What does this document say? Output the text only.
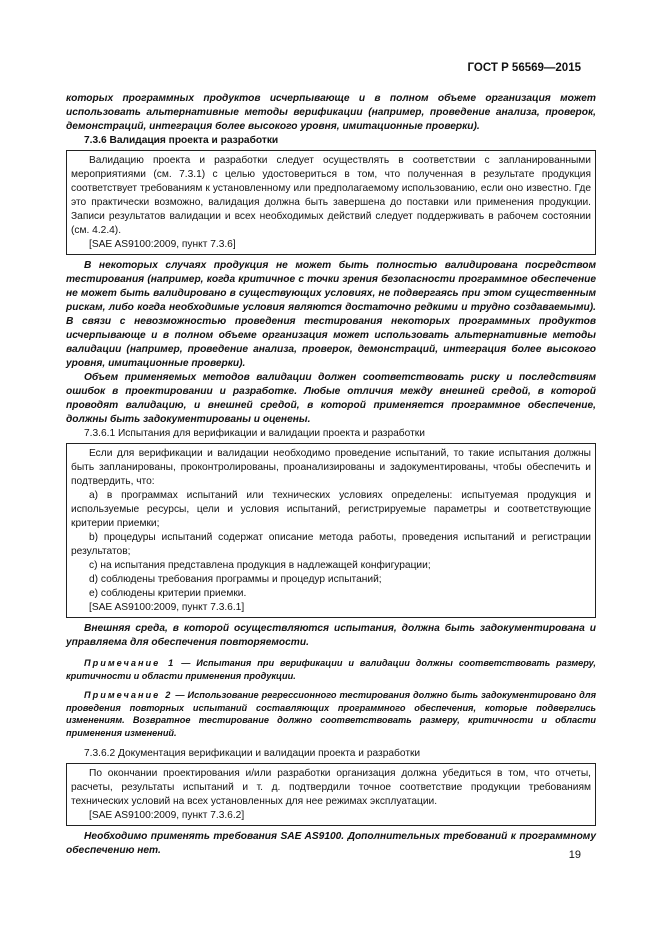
ГОСТ Р 56569—2015

которых программных продуктов исчерпывающе и в полном объеме организация может использовать альтернативные методы верификации (например, проведение анализа, проверок, демонстраций, интеграция более высокого уровня, имитационные проверки).

7.3.6 Валидация проекта и разработки

Валидацию проекта и разработки следует осуществлять в соответствии с запланированными мероприятиями (см. 7.3.1) с целью удостовериться в том, что полученная в результате продукция соответствует требованиям к установленному или предполагаемому использованию, если оно известно. Где это практически возможно, валидация должна быть завершена до поставки или применения продукции. Записи результатов валидации и всех необходимых действий следует поддерживать в рабочем состоянии (см. 4.2.4).

[SAE AS9100:2009, пункт 7.3.6]

В некоторых случаях продукция не может быть полностью валидирована посредством тестирования (например, когда критичное с точки зрения безопасности программное обеспечение не может быть валидировано в существующих условиях, не подвергаясь при этом существенным рискам, либо когда необходимые условия являются достаточно редкими и трудно создаваемыми). В связи с невозможностью проведения тестирования некоторых программных продуктов исчерпывающе и в полном объеме организация может использовать альтернативные методы валидации (например, проведение анализа, проверок, демонстраций, интеграция более высокого уровня, имитационные проверки).

Объем применяемых методов валидации должен соответствовать риску и последствиям ошибок в проектировании и разработке. Любые отличия между внешней средой, в которой проводят валидацию, и внешней средой, в которой применяется программное обеспечение, должны быть задокументированы и оценены.

7.3.6.1 Испытания для верификации и валидации проекта и разработки

Если для верификации и валидации необходимо проведение испытаний, то такие испытания должны быть запланированы, проконтролированы, проанализированы и задокументированы, чтобы обеспечить и подтвердить, что:

a) в программах испытаний или технических условиях определены: испытуемая продукция и используемые ресурсы, цели и условия испытаний, регистрируемые параметры и соответствующие критерии приемки;

b) процедуры испытаний содержат описание метода работы, проведения испытаний и регистрации результатов;

c) на испытания представлена продукция в надлежащей конфигурации;

d) соблюдены требования программы и процедур испытаний;

e) соблюдены критерии приемки.

[SAE AS9100:2009, пункт 7.3.6.1]

Внешняя среда, в которой осуществляются испытания, должна быть задокументирована и управляема для обеспечения повторяемости.

Примечание 1 — Испытания при верификации и валидации должны соответствовать размеру, критичности и области применения продукции.

Примечание 2 — Использование регрессионного тестирования должно быть задокументировано для проведения повторных испытаний составляющих программного обеспечения, которые подверглись изменениям. Возвратное тестирование должно соответствовать размеру, критичности и области применения изменений.

7.3.6.2 Документация верификации и валидации проекта и разработки

По окончании проектирования и/или разработки организация должна убедиться в том, что отчеты, расчеты, результаты испытаний и т. д. подтвердили точное соответствие продукции требованиям технических условий на всех установленных для нее режимах эксплуатации.

[SAE AS9100:2009, пункт 7.3.6.2]

Необходимо применять требования SAE AS9100. Дополнительных требований к программному обеспечению нет.	19
